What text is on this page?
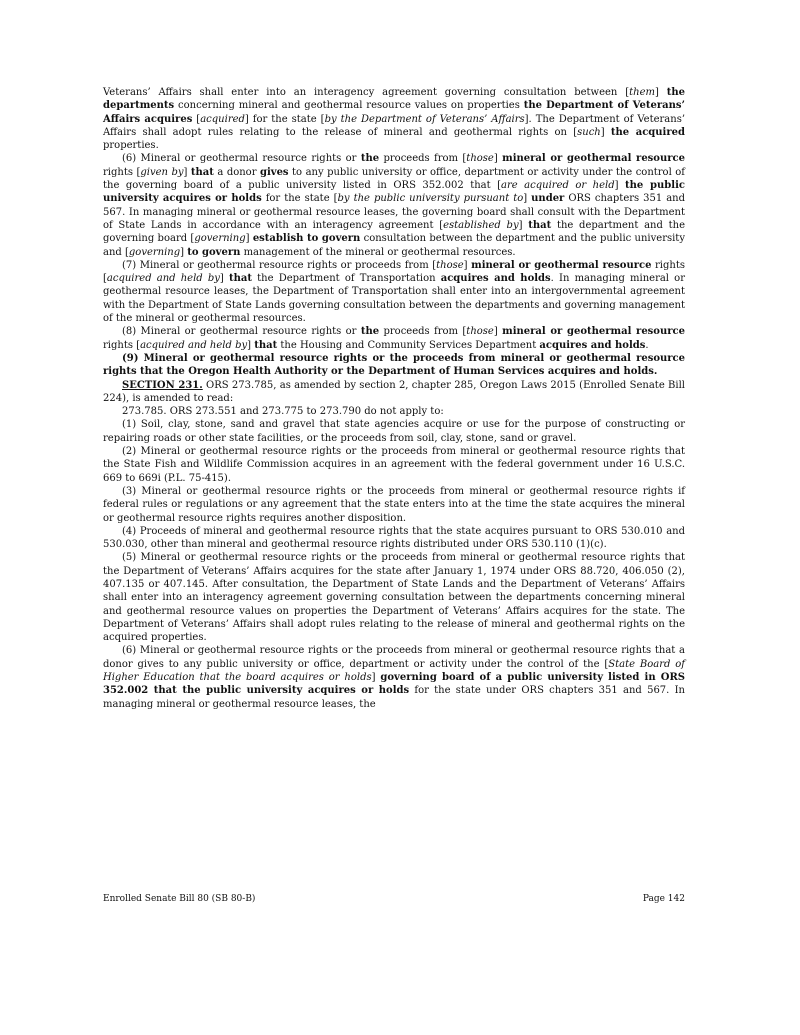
Veterans’ Affairs shall enter into an interagency agreement governing consultation between [them] the departments concerning mineral and geothermal resource values on properties the Department of Veterans’ Affairs acquires [acquired] for the state [by the Department of Veterans’ Affairs]. The Department of Veterans’ Affairs shall adopt rules relating to the release of mineral and geothermal rights on [such] the acquired properties.
(6) Mineral or geothermal resource rights or the proceeds from [those] mineral or geothermal resource rights [given by] that a donor gives to any public university or office, department or activity under the control of the governing board of a public university listed in ORS 352.002 that [are acquired or held] the public university acquires or holds for the state [by the public university pursuant to] under ORS chapters 351 and 567. In managing mineral or geothermal resource leases, the governing board shall consult with the Department of State Lands in accordance with an interagency agreement [established by] that the department and the governing board [governing] establish to govern consultation between the department and the public university and [governing] to govern management of the mineral or geothermal resources.
(7) Mineral or geothermal resource rights or proceeds from [those] mineral or geothermal resource rights [acquired and held by] that the Department of Transportation acquires and holds. In managing mineral or geothermal resource leases, the Department of Transportation shall enter into an intergovernmental agreement with the Department of State Lands governing consultation between the departments and governing management of the mineral or geothermal resources.
(8) Mineral or geothermal resource rights or the proceeds from [those] mineral or geothermal resource rights [acquired and held by] that the Housing and Community Services Department acquires and holds.
(9) Mineral or geothermal resource rights or the proceeds from mineral or geothermal resource rights that the Oregon Health Authority or the Department of Human Services acquires and holds.
SECTION 231. ORS 273.785, as amended by section 2, chapter 285, Oregon Laws 2015 (Enrolled Senate Bill 224), is amended to read:
273.785. ORS 273.551 and 273.775 to 273.790 do not apply to:
(1) Soil, clay, stone, sand and gravel that state agencies acquire or use for the purpose of constructing or repairing roads or other state facilities, or the proceeds from soil, clay, stone, sand or gravel.
(2) Mineral or geothermal resource rights or the proceeds from mineral or geothermal resource rights that the State Fish and Wildlife Commission acquires in an agreement with the federal government under 16 U.S.C. 669 to 669i (P.L. 75-415).
(3) Mineral or geothermal resource rights or the proceeds from mineral or geothermal resource rights if federal rules or regulations or any agreement that the state enters into at the time the state acquires the mineral or geothermal resource rights requires another disposition.
(4) Proceeds of mineral and geothermal resource rights that the state acquires pursuant to ORS 530.010 and 530.030, other than mineral and geothermal resource rights distributed under ORS 530.110 (1)(c).
(5) Mineral or geothermal resource rights or the proceeds from mineral or geothermal resource rights that the Department of Veterans’ Affairs acquires for the state after January 1, 1974 under ORS 88.720, 406.050 (2), 407.135 or 407.145. After consultation, the Department of State Lands and the Department of Veterans’ Affairs shall enter into an interagency agreement governing consultation between the departments concerning mineral and geothermal resource values on properties the Department of Veterans’ Affairs acquires for the state. The Department of Veterans’ Affairs shall adopt rules relating to the release of mineral and geothermal rights on the acquired properties.
(6) Mineral or geothermal resource rights or the proceeds from mineral or geothermal resource rights that a donor gives to any public university or office, department or activity under the control of the [State Board of Higher Education that the board acquires or holds] governing board of a public university listed in ORS 352.002 that the public university acquires or holds for the state under ORS chapters 351 and 567. In managing mineral or geothermal resource leases, the
Enrolled Senate Bill 80 (SB 80-B)	Page 142
